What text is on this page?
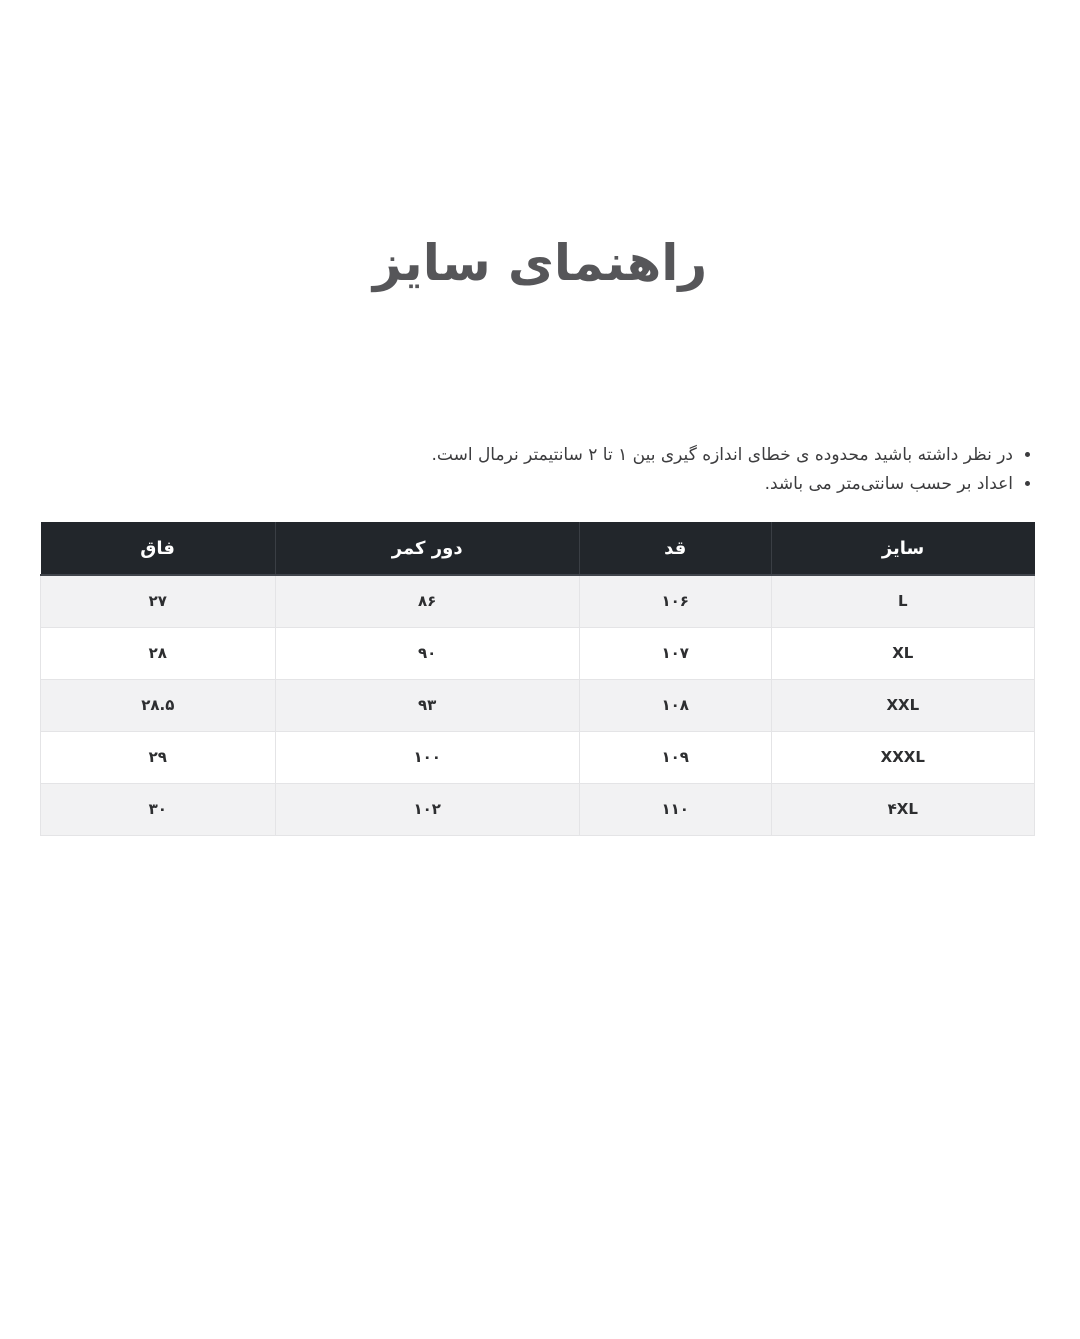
راهنمای سایز
• در نظر داشته باشید محدوده ی خطای اندازه گیری بین ۱ تا ۲ سانتیمتر نرمال است.
• اعداد بر حسب سانتی‌متر می باشد.
سایز	قد	دور کمر	فاق
L	۱۰۶	۸۶	۲۷
XL	۱۰۷	۹۰	۲۸
XXL	۱۰۸	۹۳	۲۸.۵
XXXL	۱۰۹	۱۰۰	۲۹
۴XL	۱۱۰	۱۰۲	۳۰
